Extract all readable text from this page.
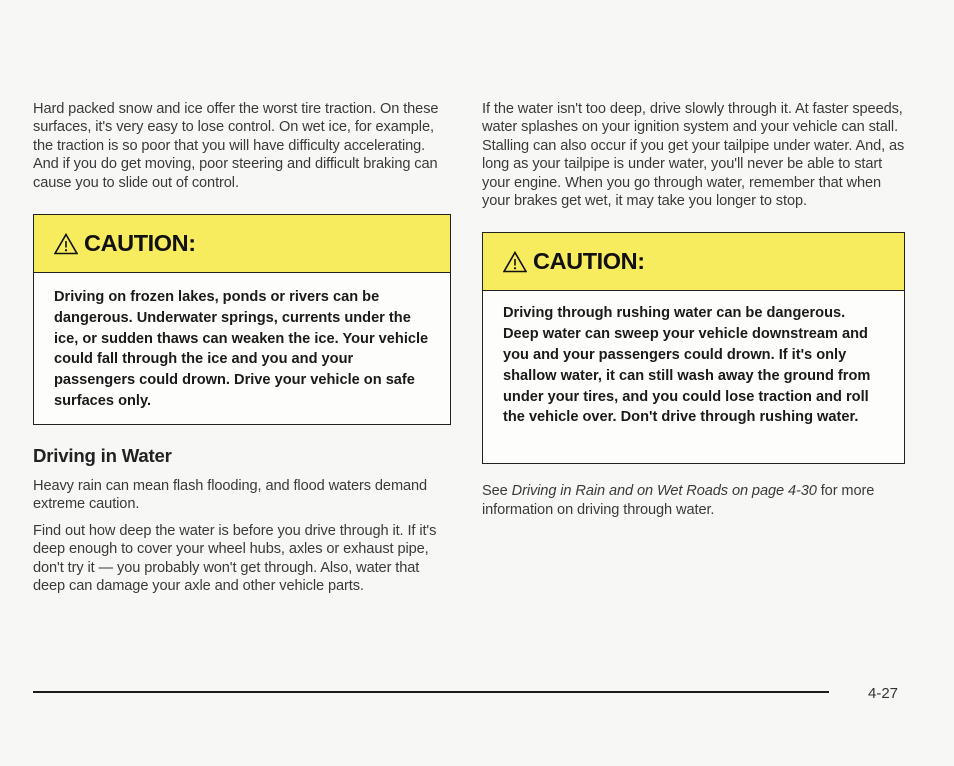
Hard packed snow and ice offer the worst tire traction. On these surfaces, it's very easy to lose control. On wet ice, for example, the traction is so poor that you will have difficulty accelerating. And if you do get moving, poor steering and difficult braking can cause you to slide out of control.

CAUTION:
Driving on frozen lakes, ponds or rivers can be dangerous. Underwater springs, currents under the ice, or sudden thaws can weaken the ice. Your vehicle could fall through the ice and you and your passengers could drown. Drive your vehicle on safe surfaces only.
Driving in Water

Heavy rain can mean flash flooding, and flood waters demand extreme caution.

Find out how deep the water is before you drive through it. If it's deep enough to cover your wheel hubs, axles or exhaust pipe, don't try it — you probably won't get through. Also, water that deep can damage your axle and other vehicle parts.

If the water isn't too deep, drive slowly through it. At faster speeds, water splashes on your ignition system and your vehicle can stall. Stalling can also occur if you get your tailpipe under water. And, as long as your tailpipe is under water, you'll never be able to start your engine. When you go through water, remember that when your brakes get wet, it may take you longer to stop.

CAUTION:
Driving through rushing water can be dangerous. Deep water can sweep your vehicle downstream and you and your passengers could drown. If it's only shallow water, it can still wash away the ground from under your tires, and you could lose traction and roll the vehicle over. Don't drive through rushing water.

See Driving in Rain and on Wet Roads on page 4-30 for more information on driving through water.

4-27
